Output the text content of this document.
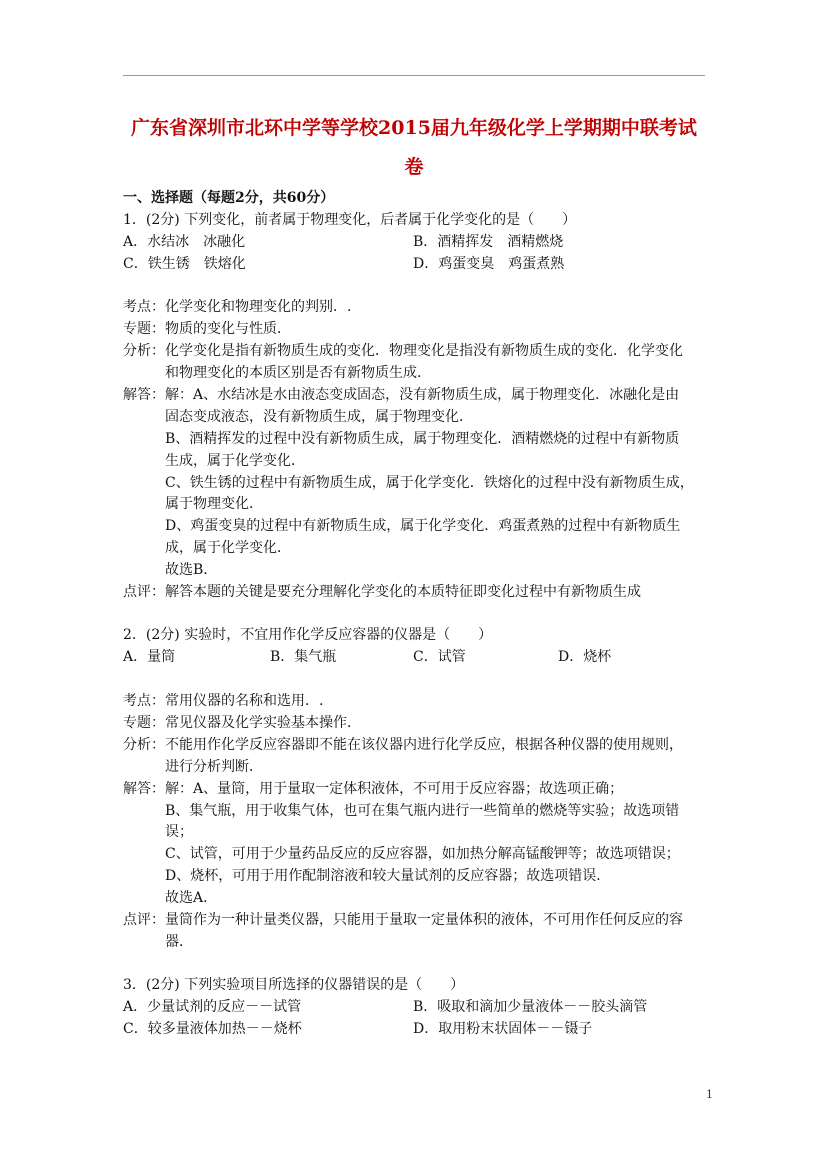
广东省深圳市北环中学等学校2015届九年级化学上学期期中联考试
卷
一、选择题（每题2分，共60分）
1．(2分) 下列变化，前者属于物理变化，后者属于化学变化的是（　　）
A．水结冰　冰融化	B．酒精挥发　酒精燃烧
C．铁生锈　铁熔化	D．鸡蛋变臭　鸡蛋煮熟
考点：化学变化和物理变化的判别．.
专题：物质的变化与性质．
分析：化学变化是指有新物质生成的变化．物理变化是指没有新物质生成的变化．化学变化
和物理变化的本质区别是否有新物质生成．
解答：解：A、水结冰是水由液态变成固态，没有新物质生成，属于物理变化．冰融化是由
固态变成液态，没有新物质生成，属于物理变化．
B、酒精挥发的过程中没有新物质生成，属于物理变化．酒精燃烧的过程中有新物质
生成，属于化学变化．
C、铁生锈的过程中有新物质生成，属于化学变化．铁熔化的过程中没有新物质生成，
属于物理变化．
D、鸡蛋变臭的过程中有新物质生成，属于化学变化．鸡蛋煮熟的过程中有新物质生
成，属于化学变化．
故选B．
点评：解答本题的关键是要充分理解化学变化的本质特征即变化过程中有新物质生成
2．(2分) 实验时，不宜用作化学反应容器的仪器是（　　）
A．量筒	B．集气瓶	C．试管	D．烧杯
考点：常用仪器的名称和选用．.
专题：常见仪器及化学实验基本操作．
分析：不能用作化学反应容器即不能在该仪器内进行化学反应，根据各种仪器的使用规则，
进行分析判断．
解答：解：A、量筒，用于量取一定体积液体，不可用于反应容器；故选项正确；
B、集气瓶，用于收集气体，也可在集气瓶内进行一些简单的燃烧等实验；故选项错
误；
C、试管，可用于少量药品反应的反应容器，如加热分解高锰酸钾等；故选项错误；
D、烧杯，可用于用作配制溶液和较大量试剂的反应容器；故选项错误．
故选A．
点评：量筒作为一种计量类仪器，只能用于量取一定量体积的液体，不可用作任何反应的容
器．
3．(2分) 下列实验项目所选择的仪器错误的是（　　）
A．少量试剂的反应－－试管	B．吸取和滴加少量液体－－胶头滴管
C．较多量液体加热－－烧杯	D．取用粉末状固体－－镊子
1
